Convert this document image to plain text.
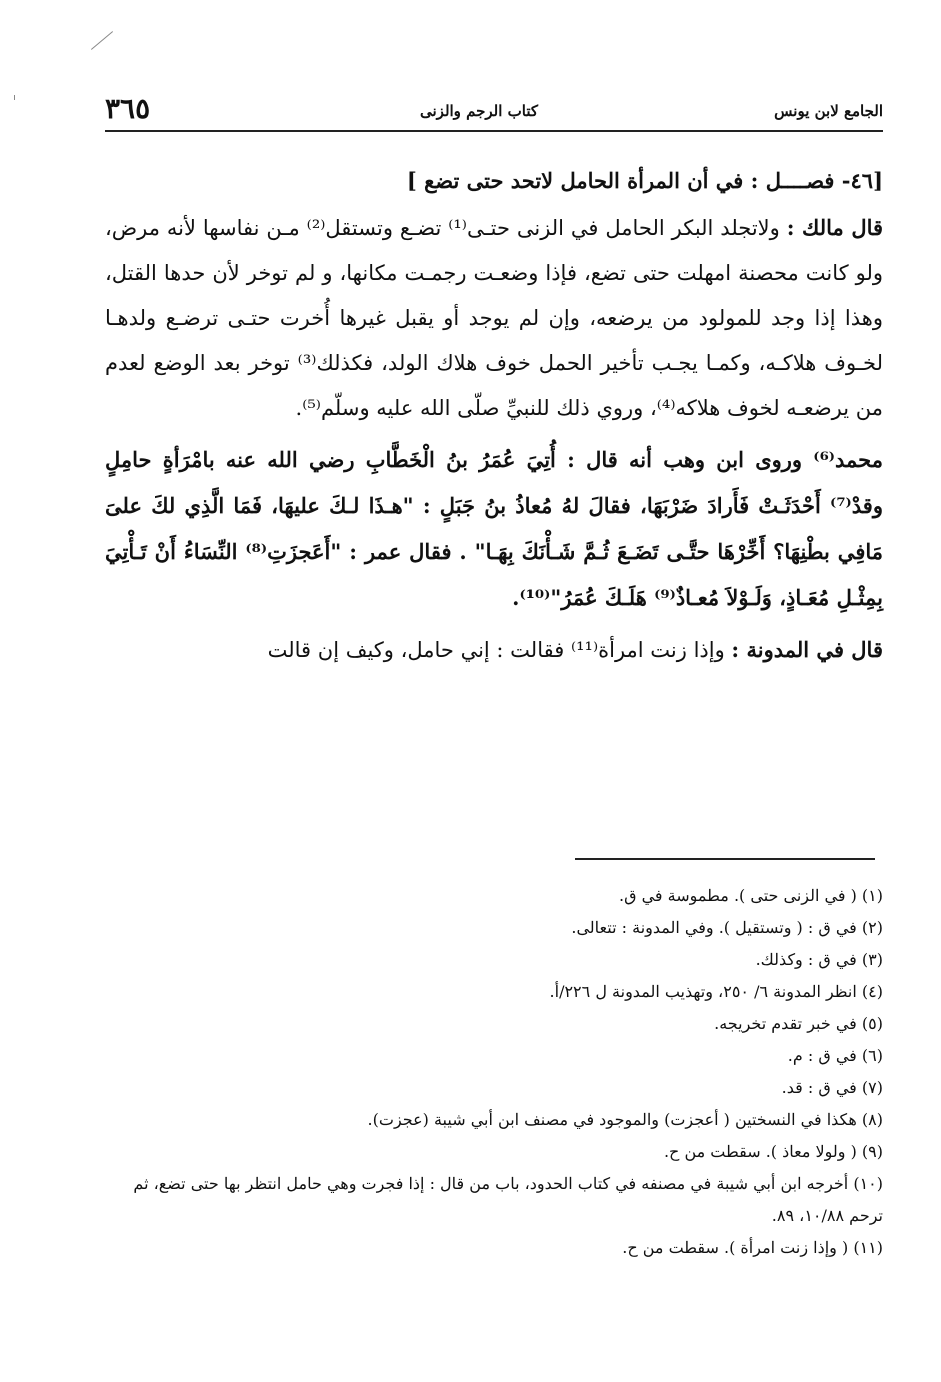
الجامع لابن يونس
كتاب الرجم والزنى
٣٦٥
[٤٦- فصــــل : في أن المرأة الحامل لاتحد حتى تضع ]

قال مالك : ولاتجلد البكر الحامل في الزنى حتـى⁽¹⁾ تضـع وتستقل⁽²⁾ مـن نفاسها لأنه مرض، ولو كانت محصنة امهلت حتى تضع، فإذا وضعـت رجمـت مكانها، و لم توخر لأن حدها القتل، وهذا إذا وجد للمولود من يرضعه، وإن لم يوجد أو يقبل غيرها أُخرت حتـى ترضـع ولدهـا لخـوف هلاكـه، وكمـا يجـب تأخير الحمل خوف هلاك الولد، فكذلك⁽³⁾ توخر بعد الوضع لعدم من يرضعـه لخوف هلاكه⁽⁴⁾، وروي ذلك للنبيِّ صلّى الله عليه وسلّم⁽⁵⁾.

محمد⁽⁶⁾ وروى ابن وهب أنه قال : أُتِيَ عُمَرُ بنُ الْخَطَّابِ رضي الله عنه بامْرَأةٍ حامِلٍ وقدْ⁽⁷⁾ أَحْدَثَـتْ فَأَرادَ ضَرْبَهَا، فقالَ لهُ مُعاذُ بنُ جَبَلٍ : "هـذَا لـكَ عليهَا، فَمَا الَّذِي لكَ علىَ مَافِي بطْنِهَا؟ أَخِّرْهَا حتَّـى تَضَـعَ ثُـمَّ شَـأْنَكَ بِهَـا" . فقال عمر : "أَعَجزَتِ⁽⁸⁾ النِّسَاءُ أَنْ تَـأْتِيَ بِمِثْـلِ مُعَـاذٍ، وَلَـوْلاَ مُعـاذٌ⁽⁹⁾ هَلَـكَ عُمَرُ"⁽¹⁰⁾.

قال في المدونة : وإذا زنت امرأة⁽¹¹⁾ فقالت : إني حامل، وكيف إن قالت

(١) ( في الزنى حتى ). مطموسة في ق.

(٢) في ق : ( وتستقيل ). وفي المدونة : تتعالى.

(٣) في ق : وكذلك.

(٤) انظر المدونة ٦/ ٢٥٠، وتهذيب المدونة ل ٢٢٦/أ.

(٥) في خبر تقدم تخريجه.

(٦) في ق : م.

(٧) في ق : قد.

(٨) هكذا في النسختين ( أعجزت) والموجود في مصنف ابن أبي شيبة (عجزت).

(٩) ( ولولا معاذ ). سقطت من ح.

(١٠) أخرجه ابن أبي شيبة في مصنفه في كتاب الحدود، باب من قال : إذا فجرت وهي حامل انتظر بها حتى تضع، ثم ترحم ١٠/٨٨، ٨٩.

(١١) ( وإذا زنت امرأة ). سقطت من ح.
